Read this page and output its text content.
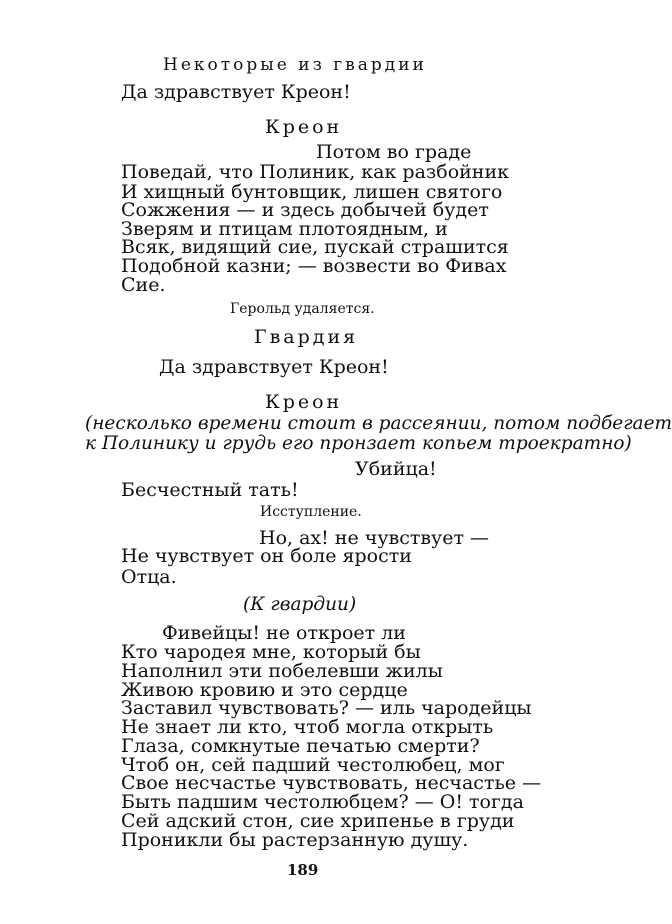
Некоторые из гвардии
Да здравствует Креон!
Креон
Потом во граде
Поведай, что Полиник, как разбойник
И хищный бунтовщик, лишен святого
Сожжения — и здесь добычей будет
Зверям и птицам плотоядным, и
Всяк, видящий сие, пускай страшится
Подобной казни; — возвести во Фивах
Сие.
Герольд удаляется.
Гвардия
Да здравствует Креон!
Креон
(несколько времени стоит в рассеянии, потом подбегает
к Полинику и грудь его пронзает копьем троекратно)
Убийца!
Бесчестный тать!
Исступление.
Но, ах! не чувствует —
Не чувствует он боле ярости
Отца.
(К гвардии)
Фивейцы! не откроет ли
Кто чародея мне, который бы
Наполнил эти побелевши жилы
Живою кровию и это сердце
Заставил чувствовать? — иль чародейцы
Не знает ли кто, чтоб могла открыть
Глаза, сомкнутые печатью смерти?
Чтоб он, сей падший честолюбец, мог
Свое несчастье чувствовать, несчастье —
Быть падшим честолюбцем? — О! тогда
Сей адский стон, сие хрипенье в груди
Проникли бы растерзанную душу.
189
